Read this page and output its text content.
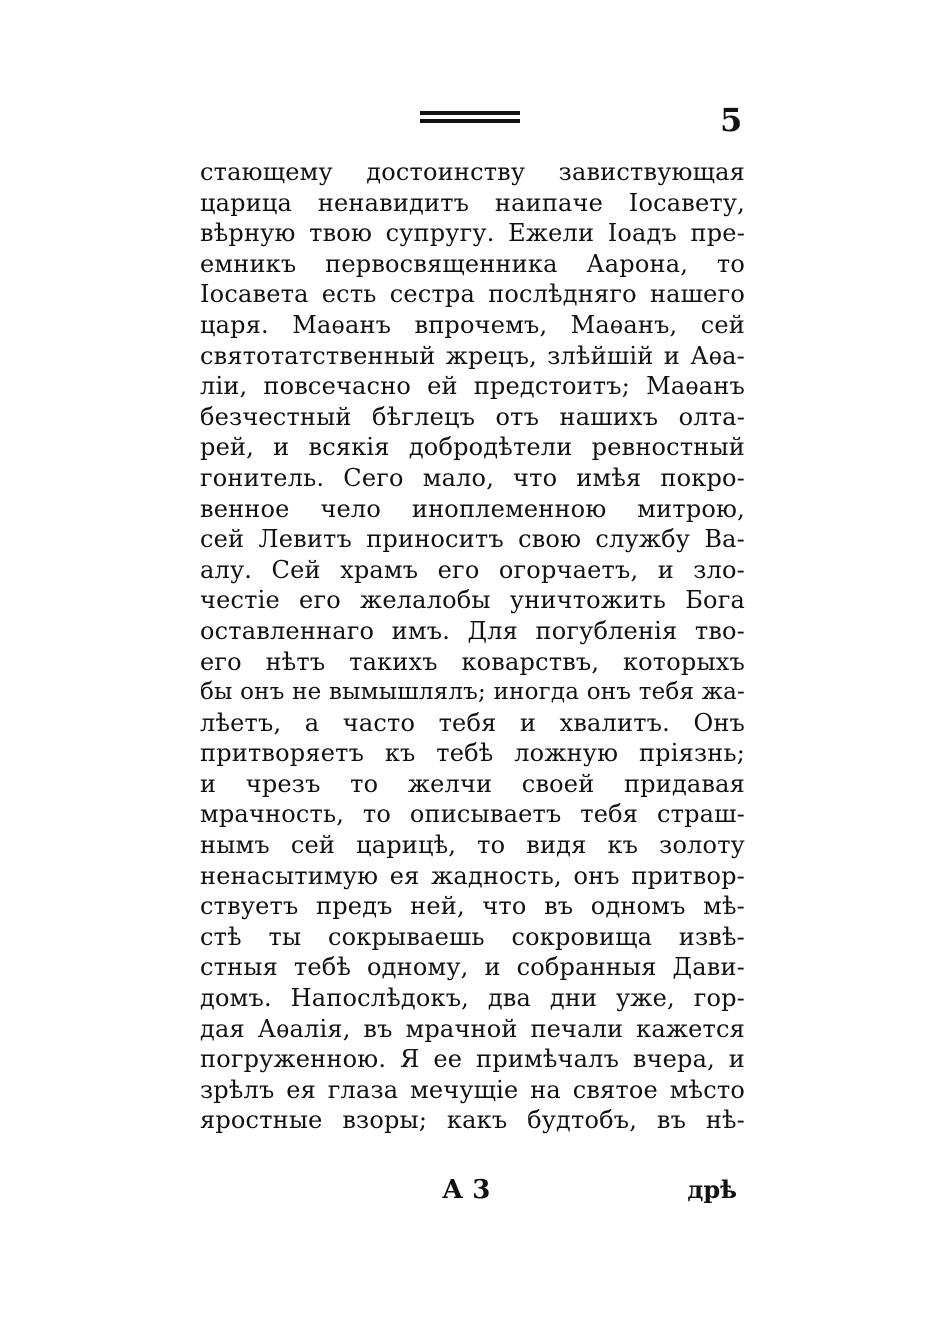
5
стающему достоинству завиствующая
царица ненавидитъ наипаче Іосавету,
вѣрную твою супругу. Ежели Іоадъ пре-
емникъ первосвященника Аарона, то
Іосавета есть сестра послѣдняго нашего
царя. Маѳанъ впрочемъ, Маѳанъ, сей
святотатственный жрецъ, злѣйшій и Аѳа-
ліи, повсечасно ей предстоитъ; Маѳанъ
безчестный бѣглецъ отъ нашихъ олта-
рей, и всякія добродѣтели ревностный
гонитель. Сего мало, что имѣя покро-
венное чело иноплеменною митрою,
сей Левитъ приноситъ свою службу Ва-
алу. Сей храмъ его огорчаетъ, и зло-
честіе его желалобы уничтожить Бога
оставленнаго имъ. Для погубленія тво-
его нѣтъ такихъ коварствъ, которыхъ
бы онъ не вымышлялъ; иногда онъ тебя жа-
лѣетъ, а часто тебя и хвалитъ. Онъ
притворяетъ къ тебѣ ложную пріязнь;
и чрезъ то желчи своей придавая
мрачность, то описываетъ тебя страш-
нымъ сей царицѣ, то видя къ золоту
ненасытимую ея жадность, онъ притвор-
ствуетъ предъ ней, что въ одномъ мѣ-
стѣ ты сокрываешь сокровища извѣ-
стныя тебѣ одному, и собранныя Дави-
домъ. Напослѣдокъ, два дни уже, гор-
дая Аѳалія, въ мрачной печали кажется
погруженною. Я ее примѣчалъ вчера, и
зрѣлъ ея глаза мечущіе на святое мѣсто
яростные взоры; какъ будтобъ, въ нѣ-
А 3	дрѣ
